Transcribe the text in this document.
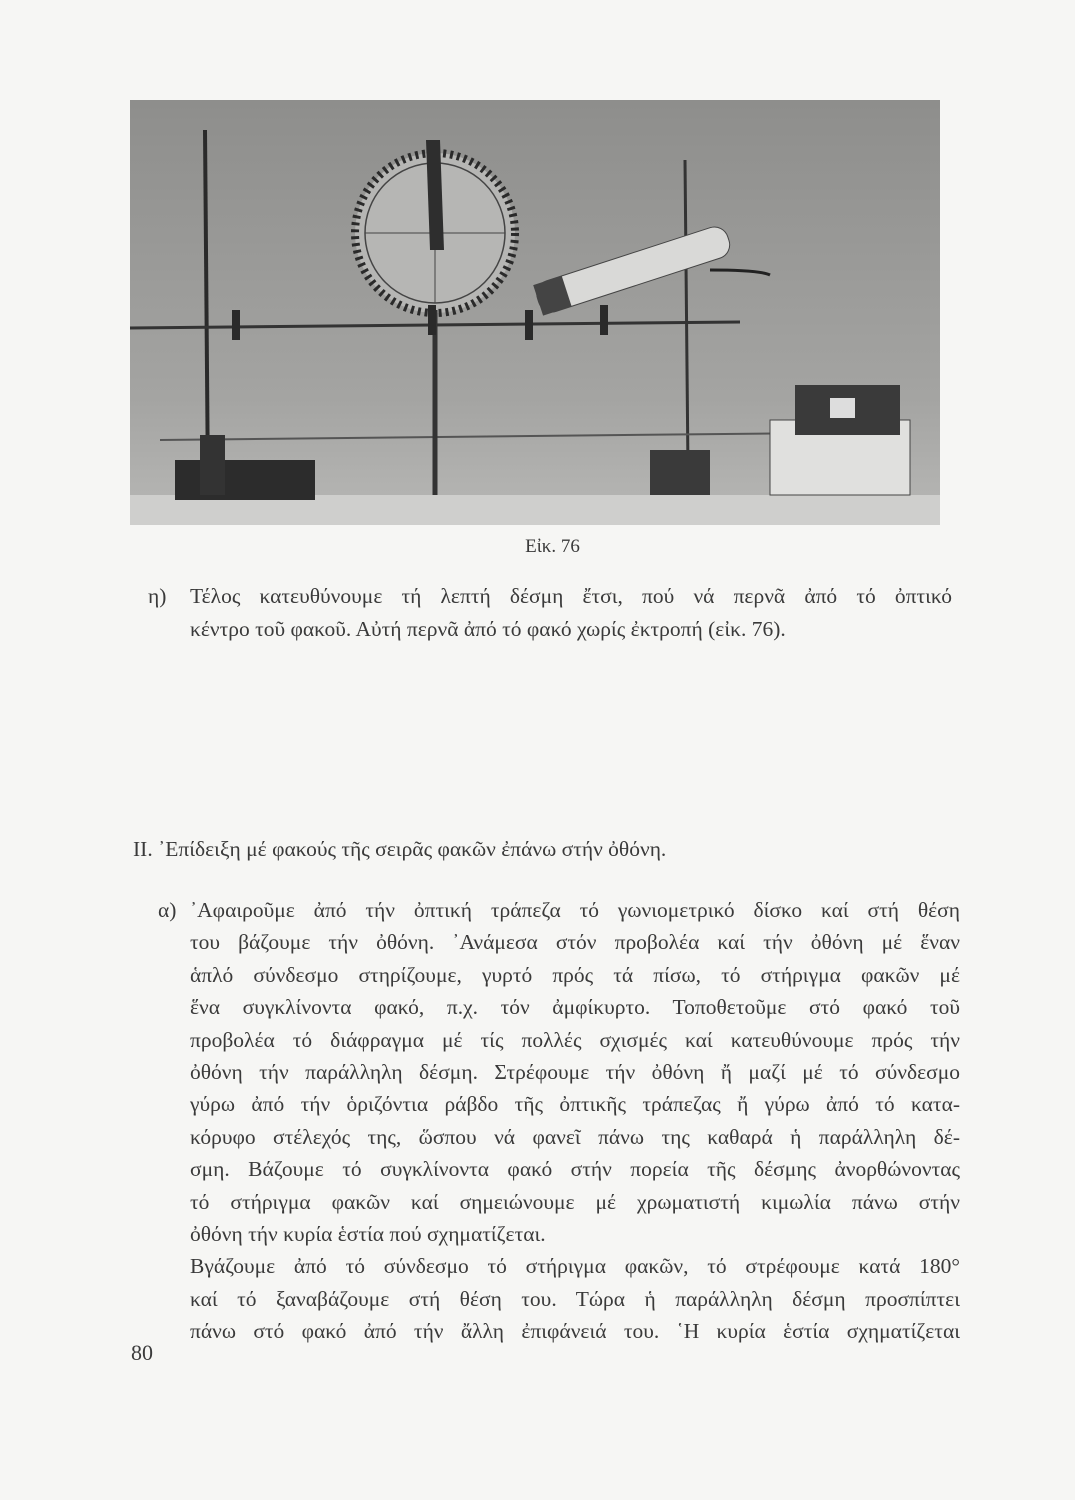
Εἰκ. 76
η) Τέλος κατευθύνουμε τή λεπτή δέσμη ἔτσι, πού νά περνᾶ ἀπό τό ὀπτικό
κέντρο τοῦ φακοῦ. Αὐτή περνᾶ ἀπό τό φακό χωρίς ἐκτροπή (εἰκ. 76).
II. ᾽Επίδειξη μέ φακούς τῆς σειρᾶς φακῶν ἐπάνω στήν ὀθόνη.
α) ᾽Αφαιροῦμε ἀπό τήν ὀπτική τράπεζα τό γωνιομετρικό δίσκο καί στή θέση
του βάζουμε τήν ὀθόνη. ᾽Ανάμεσα στόν προβολέα καί τήν ὀθόνη μέ ἕναν
ἁπλό σύνδεσμο στηρίζουμε, γυρτό πρός τά πίσω, τό στήριγμα φακῶν μέ
ἕνα συγκλίνοντα φακό, π.χ. τόν ἀμφίκυρτο. Τοποθετοῦμε στό φακό τοῦ
προβολέα τό διάφραγμα μέ τίς πολλές σχισμές καί κατευθύνουμε πρός τήν
ὀθόνη τήν παράλληλη δέσμη. Στρέφουμε τήν ὀθόνη ἤ μαζί μέ τό σύνδεσμο
γύρω ἀπό τήν ὁριζόντια ράβδο τῆς ὀπτικῆς τράπεζας ἤ γύρω ἀπό τό κατα-
κόρυφο στέλεχός της, ὥσπου νά φανεῖ πάνω της καθαρά ἡ παράλληλη δέ-
σμη. Βάζουμε τό συγκλίνοντα φακό στήν πορεία τῆς δέσμης ἀνορθώνοντας
τό στήριγμα φακῶν καί σημειώνουμε μέ χρωματιστή κιμωλία πάνω στήν
ὀθόνη τήν κυρία ἑστία πού σχηματίζεται.
Βγάζουμε ἀπό τό σύνδεσμο τό στήριγμα φακῶν, τό στρέφουμε κατά 180°
καί τό ξαναβάζουμε στή θέση του. Τώρα ἡ παράλληλη δέσμη προσπίπτει
πάνω στό φακό ἀπό τήν ἄλλη ἐπιφάνειά του. ῾Η κυρία ἑστία σχηματίζεται
80
